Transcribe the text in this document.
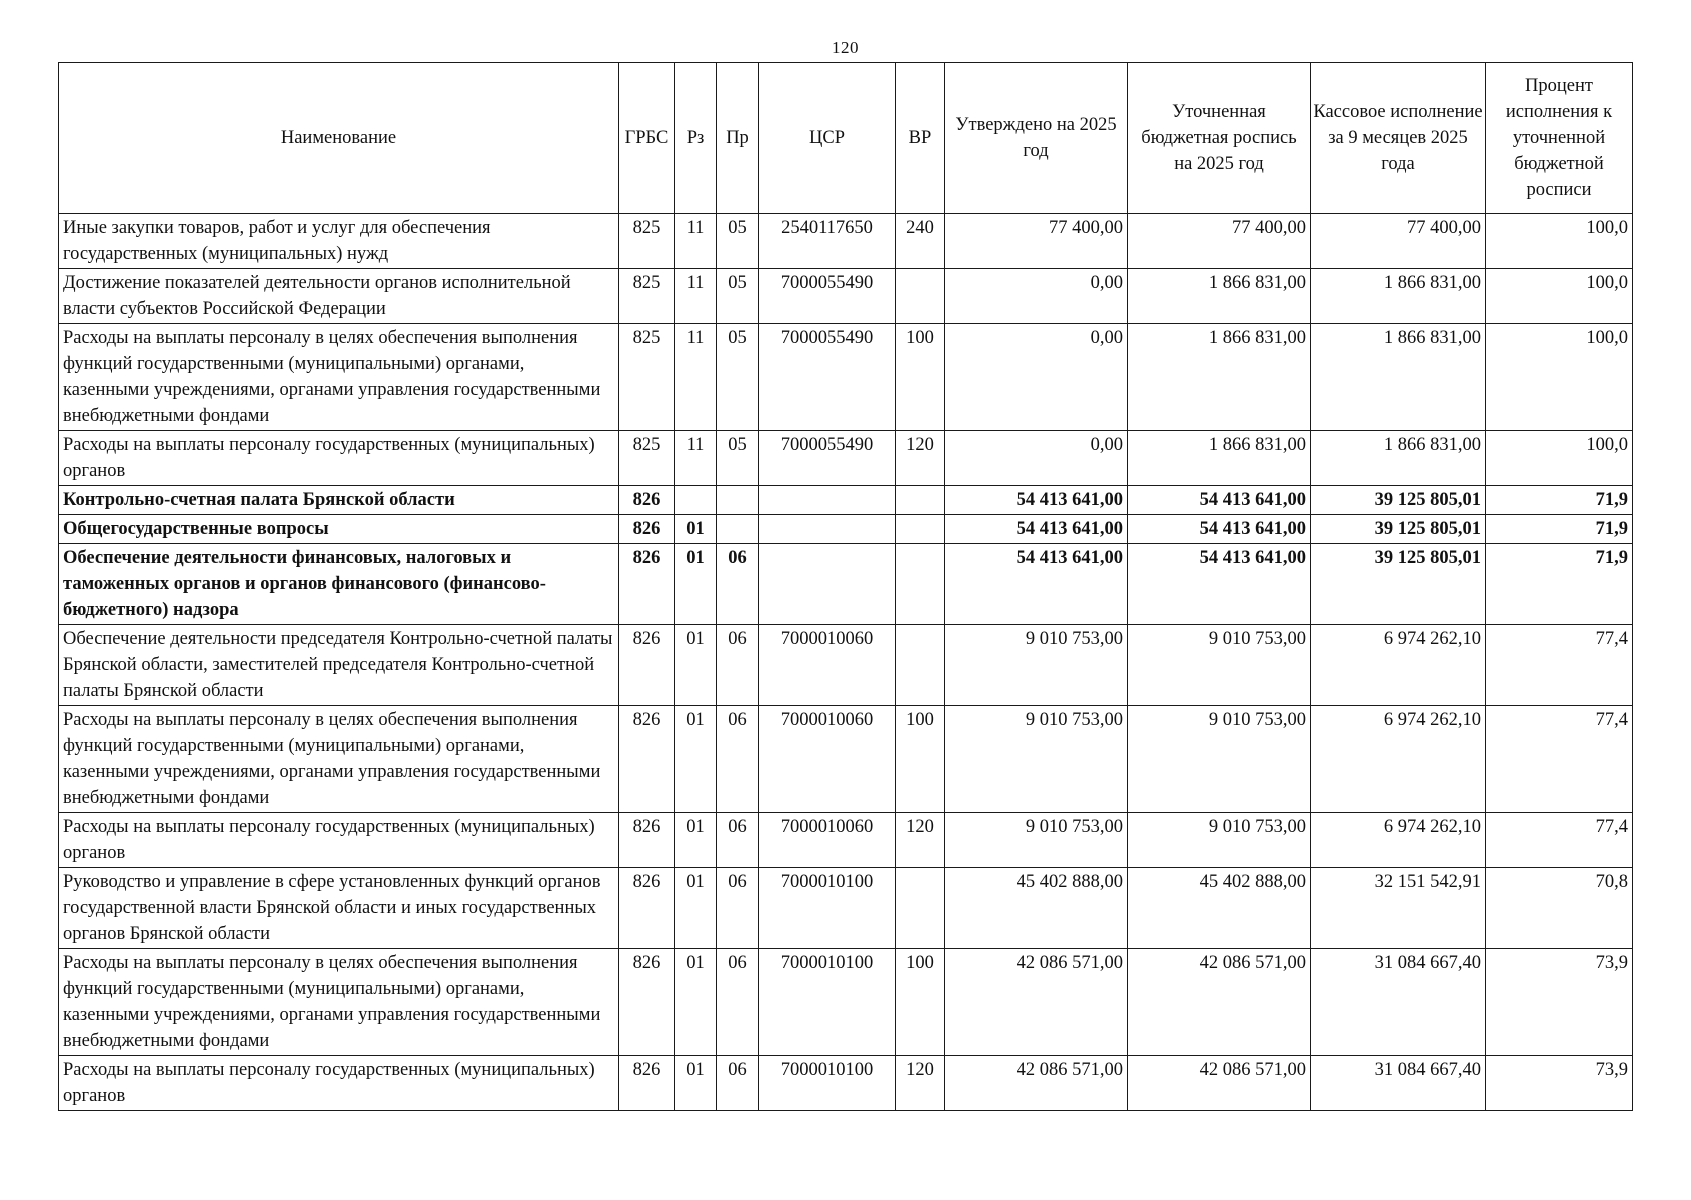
120
Наименование	ГРБС	Рз	Пр	ЦСР	ВР	Утверждено на 2025 год	Уточненная бюджетная роспись на 2025 год	Кассовое исполнение за 9 месяцев 2025 года	Процент исполнения к уточненной бюджетной росписи
Иные закупки товаров, работ и услуг для обеспечения государственных (муниципальных) нужд	825	11	05	2540117650	240	77 400,00	77 400,00	77 400,00	100,0
Достижение показателей деятельности органов исполнительной власти субъектов Российской Федерации	825	11	05	7000055490		0,00	1 866 831,00	1 866 831,00	100,0
Расходы на выплаты персоналу в целях обеспечения выполнения функций государственными (муниципальными) органами, казенными учреждениями, органами управления государственными внебюджетными фондами	825	11	05	7000055490	100	0,00	1 866 831,00	1 866 831,00	100,0
Расходы на выплаты персоналу государственных (муниципальных) органов	825	11	05	7000055490	120	0,00	1 866 831,00	1 866 831,00	100,0
Контрольно-счетная палата Брянской области	826					54 413 641,00	54 413 641,00	39 125 805,01	71,9
Общегосударственные вопросы	826	01				54 413 641,00	54 413 641,00	39 125 805,01	71,9
Обеспечение деятельности финансовых, налоговых и таможенных органов и органов финансового (финансово-бюджетного) надзора	826	01	06			54 413 641,00	54 413 641,00	39 125 805,01	71,9
Обеспечение деятельности председателя Контрольно-счетной палаты Брянской области, заместителей председателя Контрольно-счетной палаты Брянской области	826	01	06	7000010060		9 010 753,00	9 010 753,00	6 974 262,10	77,4
Расходы на выплаты персоналу в целях обеспечения выполнения функций государственными (муниципальными) органами, казенными учреждениями, органами управления государственными внебюджетными фондами	826	01	06	7000010060	100	9 010 753,00	9 010 753,00	6 974 262,10	77,4
Расходы на выплаты персоналу государственных (муниципальных) органов	826	01	06	7000010060	120	9 010 753,00	9 010 753,00	6 974 262,10	77,4
Руководство и управление в сфере установленных функций органов государственной власти Брянской области и иных государственных органов Брянской области	826	01	06	7000010100		45 402 888,00	45 402 888,00	32 151 542,91	70,8
Расходы на выплаты персоналу в целях обеспечения выполнения функций государственными (муниципальными) органами, казенными учреждениями, органами управления государственными внебюджетными фондами	826	01	06	7000010100	100	42 086 571,00	42 086 571,00	31 084 667,40	73,9
Расходы на выплаты персоналу государственных (муниципальных) органов	826	01	06	7000010100	120	42 086 571,00	42 086 571,00	31 084 667,40	73,9
